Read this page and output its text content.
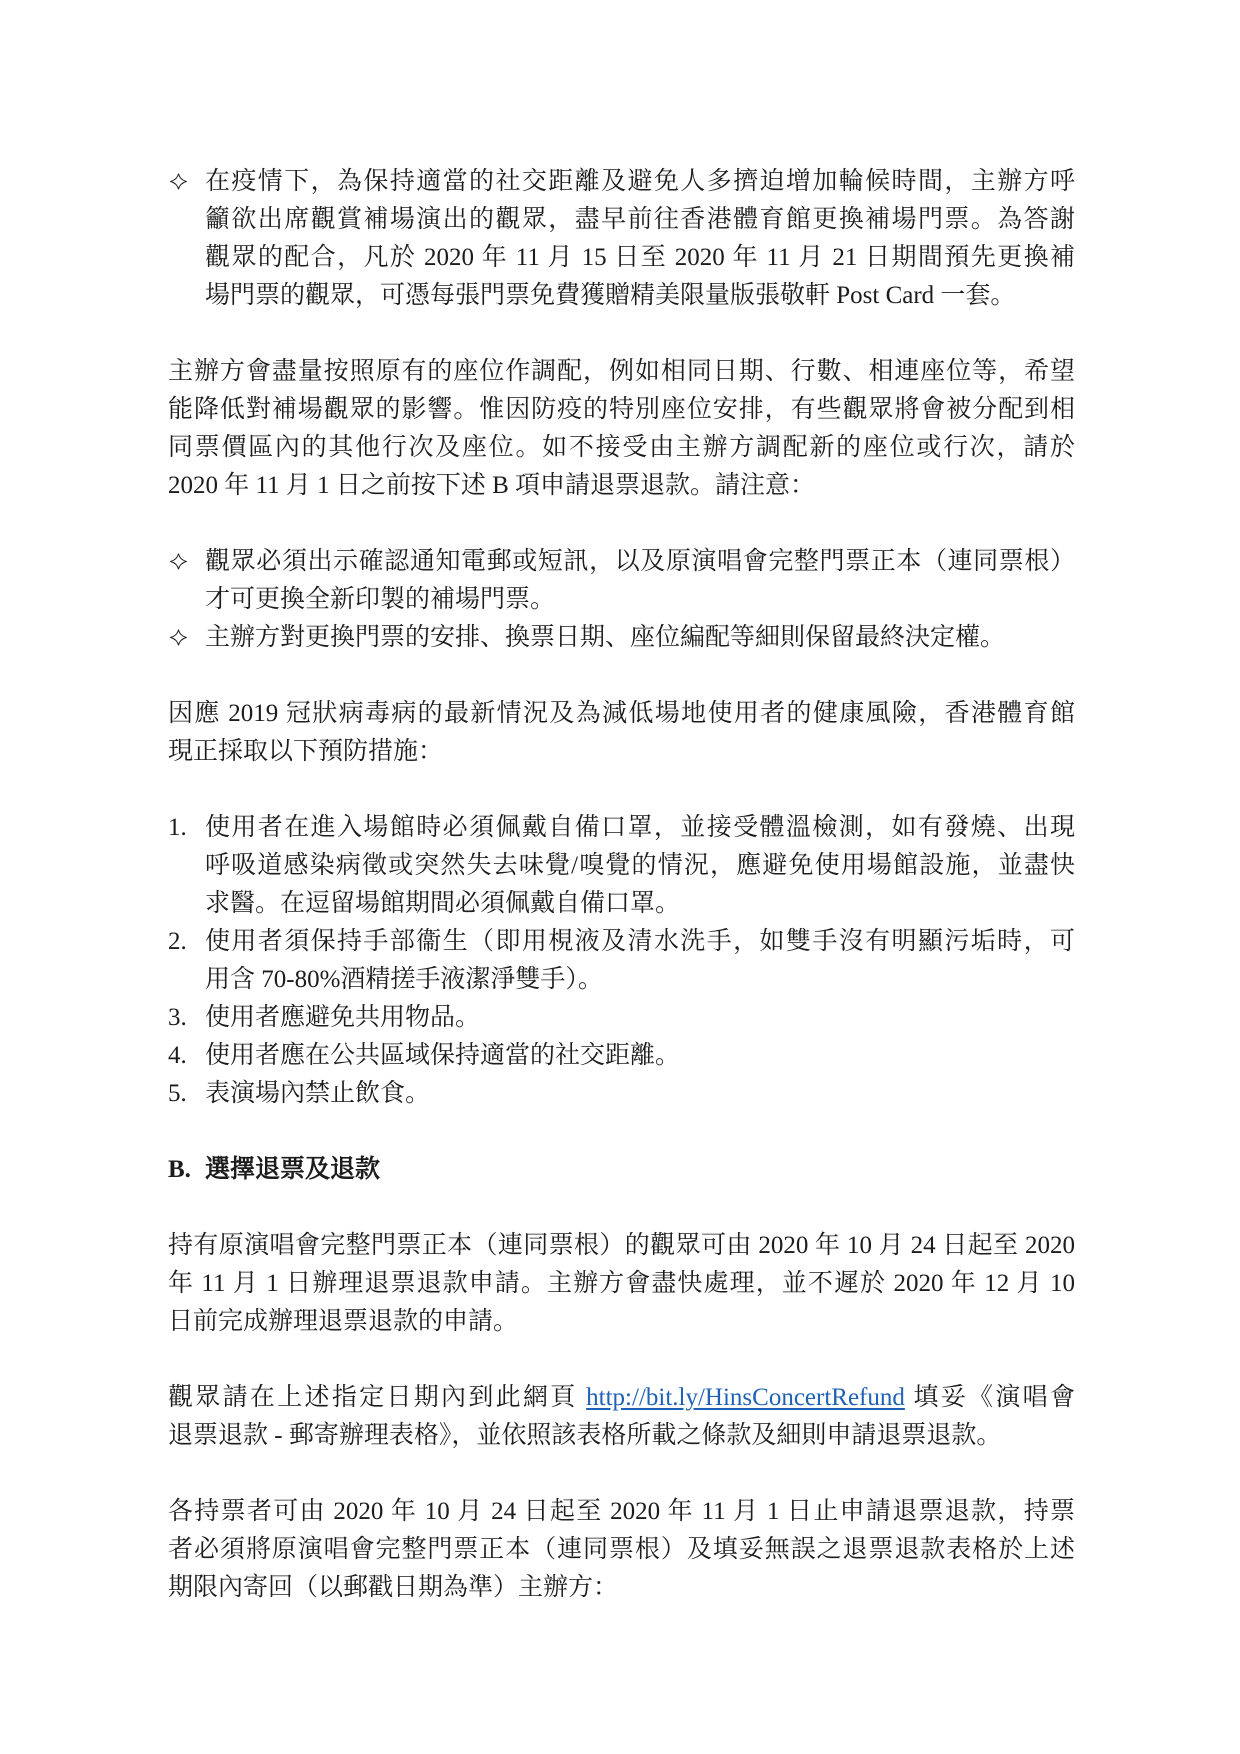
在疫情下，為保持適當的社交距離及避免人多擠迫增加輪候時間，主辦方呼
籲欲出席觀賞補場演出的觀眾，盡早前往香港體育館更換補場門票。為答謝
觀眾的配合，凡於 2020 年 11 月 15 日至 2020 年 11 月 21 日期間預先更換補
場門票的觀眾，可憑每張門票免費獲贈精美限量版張敬軒 Post Card 一套。
主辦方會盡量按照原有的座位作調配，例如相同日期、行數、相連座位等，希望
能降低對補場觀眾的影響。惟因防疫的特別座位安排，有些觀眾將會被分配到相
同票價區內的其他行次及座位。如不接受由主辦方調配新的座位或行次，請於
2020 年 11 月 1 日之前按下述 B 項申請退票退款。請注意：
觀眾必須出示確認通知電郵或短訊，以及原演唱會完整門票正本（連同票根）
才可更換全新印製的補場門票。
主辦方對更換門票的安排、換票日期、座位編配等細則保留最終決定權。
因應 2019 冠狀病毒病的最新情況及為減低場地使用者的健康風險，香港體育館
現正採取以下預防措施：
1. 使用者在進入場館時必須佩戴自備口罩，並接受體溫檢測，如有發燒、出現
呼吸道感染病徵或突然失去味覺/嗅覺的情況，應避免使用場館設施，並盡快
求醫。在逗留場館期間必須佩戴自備口罩。
2. 使用者須保持手部衞生（即用梘液及清水洗手，如雙手沒有明顯污垢時，可
用含 70-80%酒精搓手液潔淨雙手）。
3. 使用者應避免共用物品。
4. 使用者應在公共區域保持適當的社交距離。
5. 表演場內禁止飲食。
B. 選擇退票及退款
持有原演唱會完整門票正本（連同票根）的觀眾可由 2020 年 10 月 24 日起至 2020
年 11 月 1 日辦理退票退款申請。主辦方會盡快處理，並不遲於 2020 年 12 月 10
日前完成辦理退票退款的申請。
觀眾請在上述指定日期內到此網頁 http://bit.ly/HinsConcertRefund 填妥《演唱會
退票退款 - 郵寄辦理表格》，並依照該表格所載之條款及細則申請退票退款。
各持票者可由 2020 年 10 月 24 日起至 2020 年 11 月 1 日止申請退票退款，持票
者必須將原演唱會完整門票正本（連同票根）及填妥無誤之退票退款表格於上述
期限內寄回（以郵戳日期為準）主辦方：
